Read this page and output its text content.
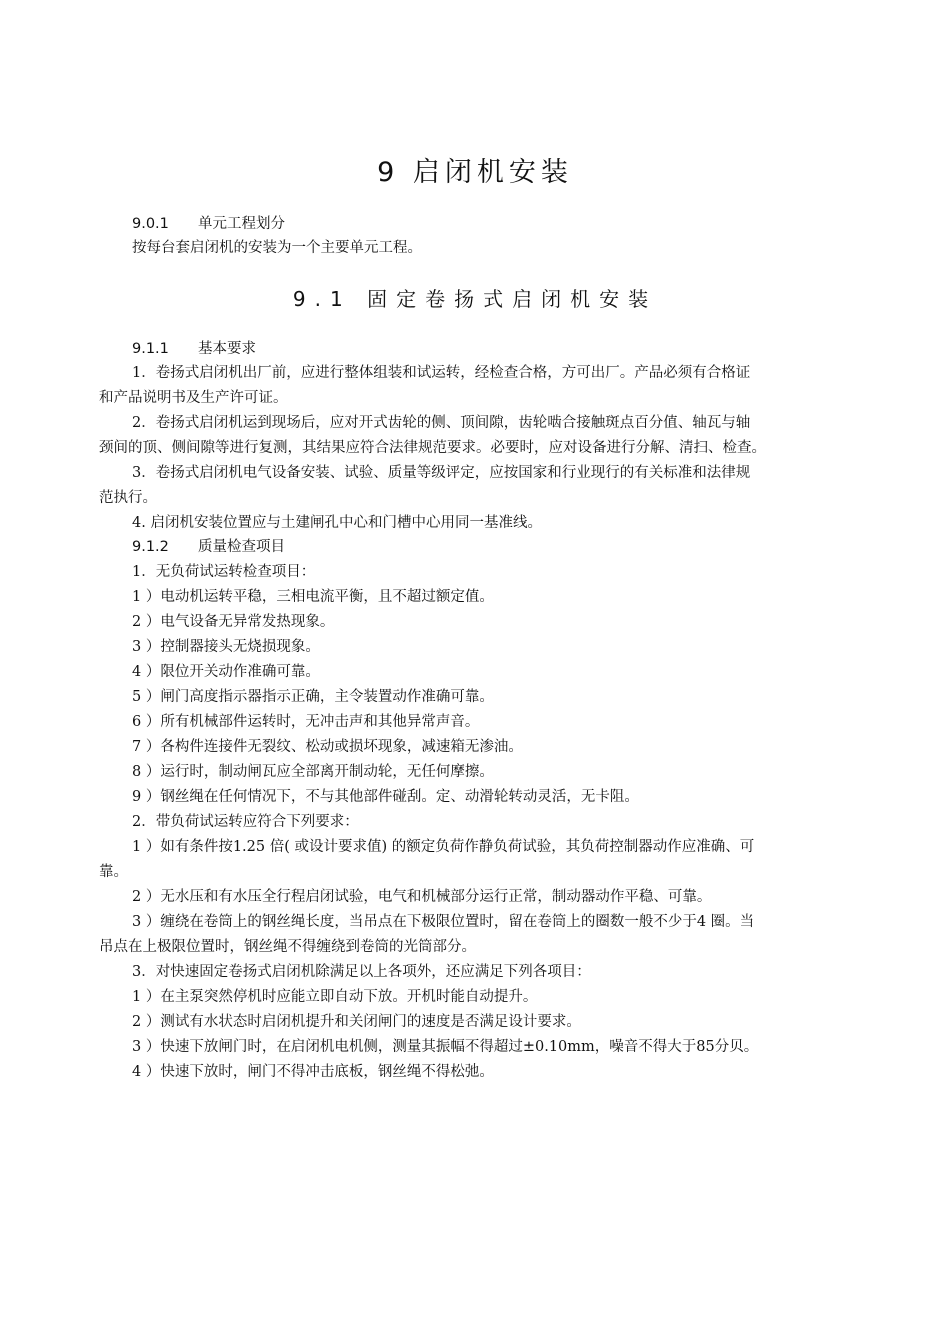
9 启闭机安装
9.0.1 单元工程划分
按每台套启闭机的安装为一个主要单元工程。
9.1 固定卷扬式启闭机安装
9.1.1 基本要求
1．卷扬式启闭机出厂前，应进行整体组装和试运转，经检查合格，方可出厂。产品必须有合格证
和产品说明书及生产许可证。
2．卷扬式启闭机运到现场后，应对开式齿轮的侧、顶间隙，齿轮啮合接触斑点百分值、轴瓦与轴
颈间的顶、侧间隙等进行复测，其结果应符合法律规范要求。必要时，应对设备进行分解、清扫、检查。
3．卷扬式启闭机电气设备安装、试验、质量等级评定，应按国家和行业现行的有关标准和法律规
范执行。
4. 启闭机安装位置应与土建闸孔中心和门槽中心用同一基准线。
9.1.2 质量检查项目
1．无负荷试运转检查项目：
1 ）电动机运转平稳，三相电流平衡，且不超过额定值。
2 ）电气设备无异常发热现象。
3 ）控制器接头无烧损现象。
4 ）限位开关动作准确可靠。
5 ）闸门高度指示器指示正确，主令装置动作准确可靠。
6 ）所有机械部件运转时，无冲击声和其他异常声音。
7 ）各构件连接件无裂纹、松动或损坏现象，减速箱无渗油。
8 ）运行时，制动闸瓦应全部离开制动轮，无任何摩擦。
9 ）钢丝绳在任何情况下，不与其他部件碰刮。定、动滑轮转动灵活，无卡阻。
2．带负荷试运转应符合下列要求：
1 ）如有条件按1.25 倍( 或设计要求值) 的额定负荷作静负荷试验，其负荷控制器动作应准确、可
靠。
2 ）无水压和有水压全行程启闭试验，电气和机械部分运行正常，制动器动作平稳、可靠。
3 ）缠绕在卷筒上的钢丝绳长度，当吊点在下极限位置时，留在卷筒上的圈数一般不少于4 圈。当
吊点在上极限位置时，钢丝绳不得缠绕到卷筒的光筒部分。
3．对快速固定卷扬式启闭机除满足以上各项外，还应满足下列各项目：
1 ）在主泵突然停机时应能立即自动下放。开机时能自动提升。
2 ）测试有水状态时启闭机提升和关闭闸门的速度是否满足设计要求。
3 ）快速下放闸门时，在启闭机电机侧，测量其振幅不得超过±0.10mm，噪音不得大于85分贝。
4 ）快速下放时，闸门不得冲击底板，钢丝绳不得松弛。
